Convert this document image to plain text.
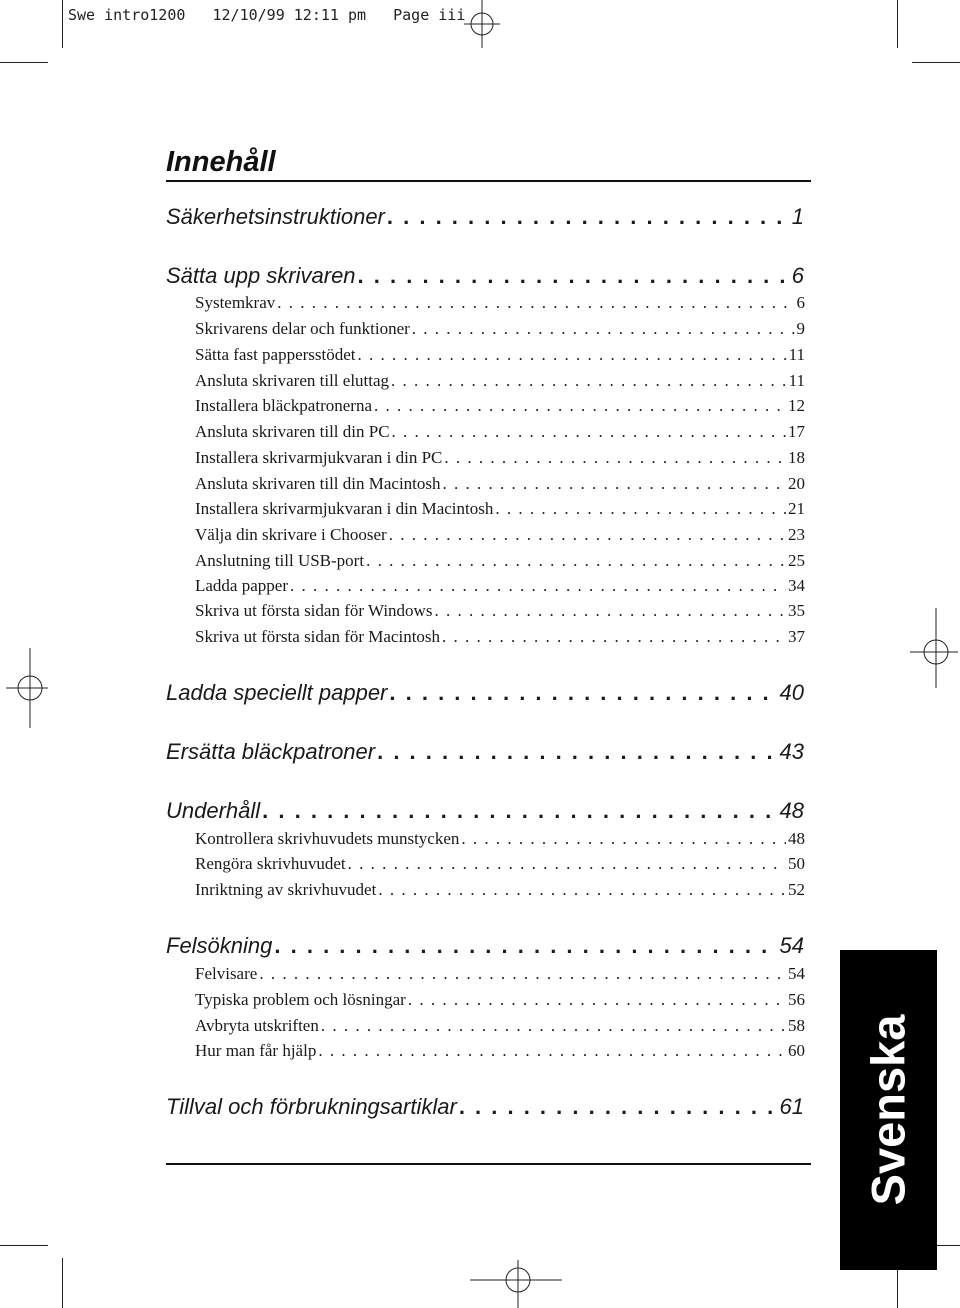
Swe intro1200   12/10/99 12:11 pm   Page iii
Innehåll
Säkerhetsinstruktioner . . .	1
Sätta upp skrivaren . . .	6
Systemkrav . . .	6
Skrivarens delar och funktioner . . .	9
Sätta fast pappersstödet . . .	11
Ansluta skrivaren till eluttag . . .	11
Installera bläckpatronerna . . .	12
Ansluta skrivaren till din PC . . .	17
Installera skrivarmjukvaran i din PC . . .	18
Ansluta skrivaren till din Macintosh . . .	20
Installera skrivarmjukvaran i din Macintosh . . .	21
Välja din skrivare i Chooser . . .	23
Anslutning till USB-port . . .	25
Ladda papper . . .	34
Skriva ut första sidan för Windows . . .	35
Skriva ut första sidan för Macintosh . . .	37
Ladda speciellt papper . . .	40
Ersätta bläckpatroner . . .	43
Underhåll . . .	48
Kontrollera skrivhuvudets munstycken . . .	48
Rengöra skrivhuvudet . . .	50
Inriktning av skrivhuvudet . . .	52
Felsökning . . .	54
Felvisare . . .	54
Typiska problem och lösningar . . .	56
Avbryta utskriften . . .	58
Hur man får hjälp . . .	60
Tillval och förbrukningsartiklar . . .	61 Svenska
